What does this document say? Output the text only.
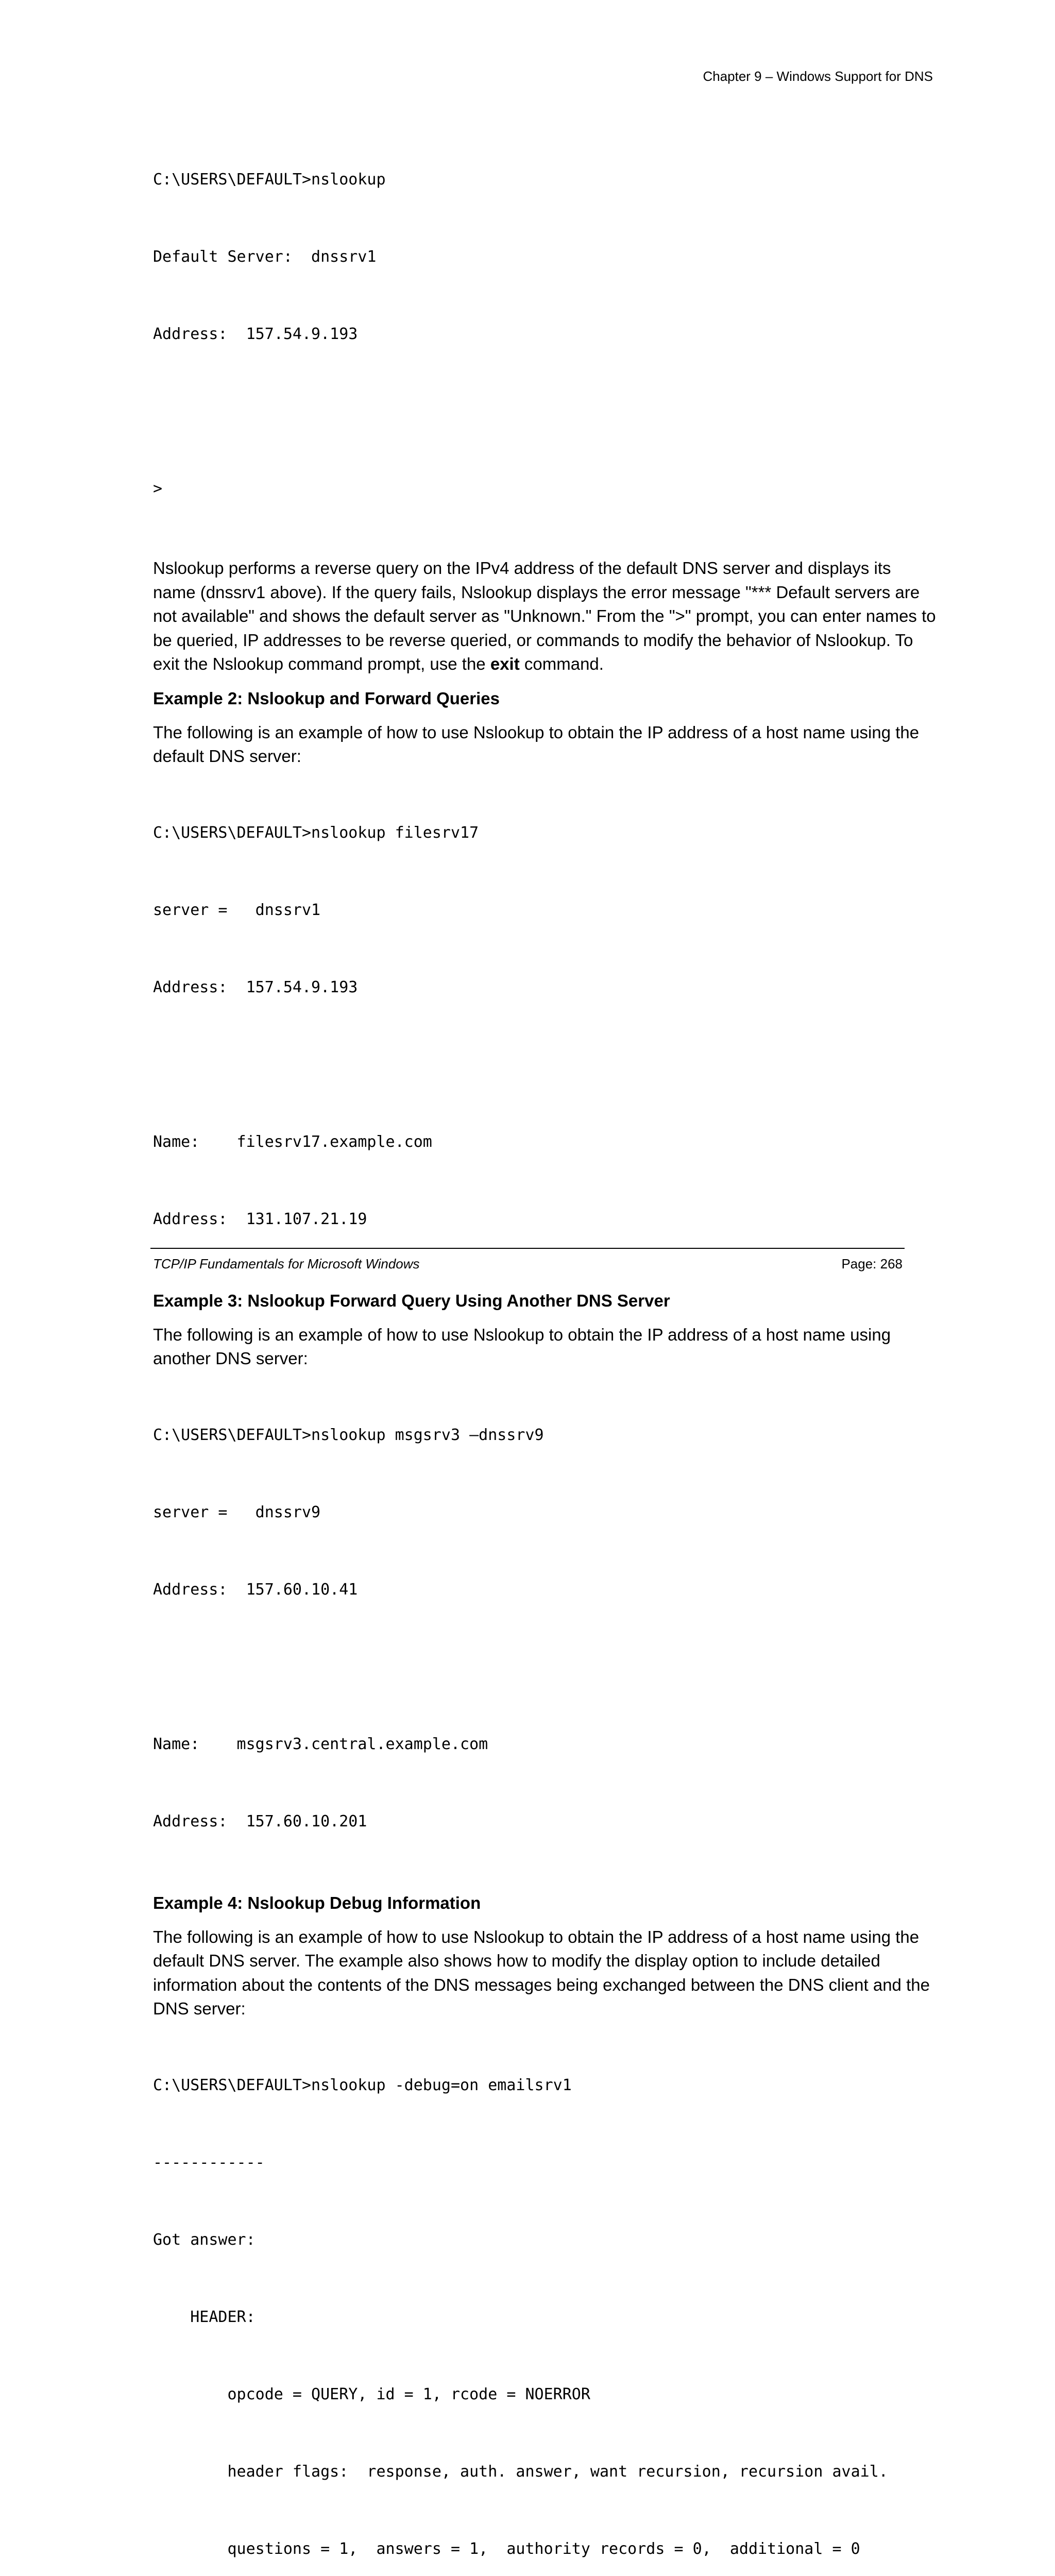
Chapter 9 – Windows Support for DNS

C:\USERS\DEFAULT>nslookup

Default Server:  dnssrv1

Address:  157.54.9.193

>

Nslookup performs a reverse query on the IPv4 address of the default DNS server and displays its name (dnssrv1 above). If the query fails, Nslookup displays the error message "*** Default servers are not available" and shows the default server as "Unknown." From the ">" prompt, you can enter names to be queried, IP addresses to be reverse queried, or commands to modify the behavior of Nslookup. To exit the Nslookup command prompt, use the exit command.

Example 2: Nslookup and Forward Queries

The following is an example of how to use Nslookup to obtain the IP address of a host name using the default DNS server:

C:\USERS\DEFAULT>nslookup filesrv17

server =   dnssrv1

Address:  157.54.9.193

Name:    filesrv17.example.com

Address:  131.107.21.19

Example 3: Nslookup Forward Query Using Another DNS Server

The following is an example of how to use Nslookup to obtain the IP address of a host name using another DNS server:

C:\USERS\DEFAULT>nslookup msgsrv3 –dnssrv9

server =   dnssrv9

Address:  157.60.10.41

Name:    msgsrv3.central.example.com

Address:  157.60.10.201

Example 4: Nslookup Debug Information

The following is an example of how to use Nslookup to obtain the IP address of a host name using the default DNS server. The example also shows how to modify the display option to include detailed information about the contents of the DNS messages being exchanged between the DNS client and the DNS server:

C:\USERS\DEFAULT>nslookup -debug=on emailsrv1

------------

Got answer:

HEADER:

opcode = QUERY, id = 1, rcode = NOERROR

header flags:  response, auth. answer, want recursion, recursion avail.

questions = 1,  answers = 1,  authority records = 0,  additional = 0

TCP/IP Fundamentals for Microsoft Windows	Page: 268
